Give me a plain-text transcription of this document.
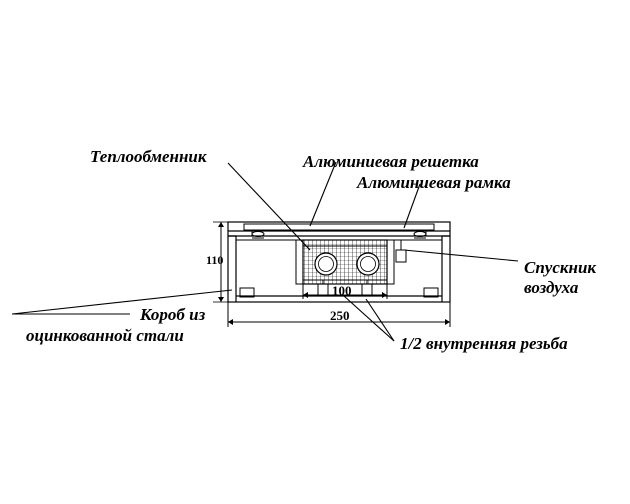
Теплообменник	Алюминиевая решетка
Алюминиевая рамка
Спускник
воздуха
Короб из
оцинкованной стали	1/2 внутренняя резьба
110
100
250
